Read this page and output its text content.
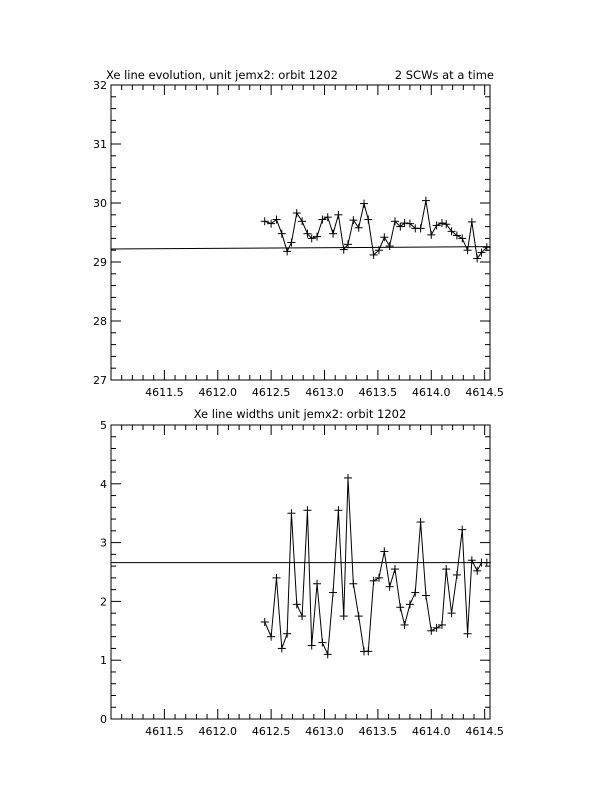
Xe line evolution, unit jemx2: orbit 1202	2 SCWs at a time
4611.5 4612.0 4612.5 4613.0 4613.5 4614.0 4614.5
27
28
29
30
31
32
Xe line widths unit jemx2: orbit 1202
4611.5 4612.0 4612.5 4613.0 4613.5 4614.0 4614.5
0
1
2
3
4
5
